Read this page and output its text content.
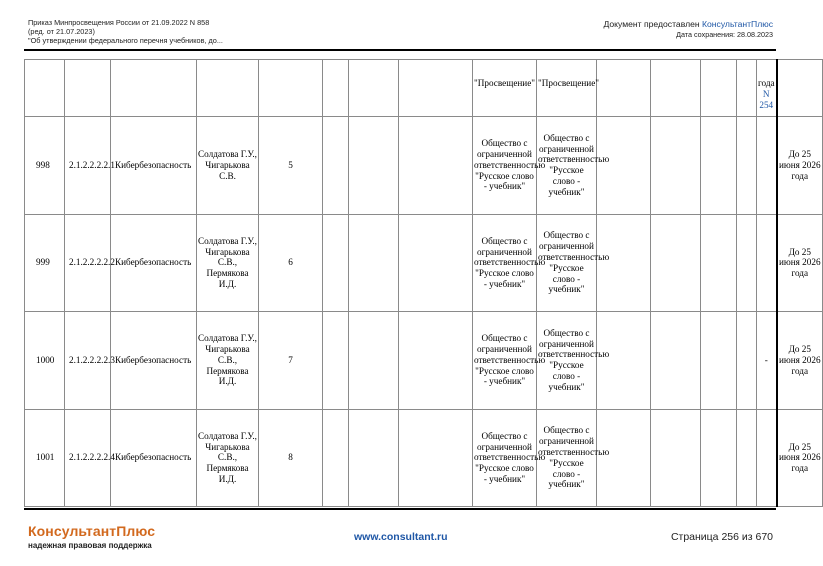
Приказ Минпросвещения России от 21.09.2022 N 858
(ред. от 21.07.2023)
"Об утверждении федерального перечня учебников, до...
Документ предоставлен КонсультантПлюс
Дата сохранения: 28.08.2023
								"Просвещение"	"Просвещение"					года
N
254	

998	2.1.2.2.2.2.1	Кибербезопасность	Солдатова Г.У., Чигарькова С.В.	5				Общество с ограниченной ответственностью "Русское слово - учебник"	Общество с ограниченной ответственностью "Русское слово - учебник"						До 25 июня 2026 года
999	2.1.2.2.2.2.2	Кибербезопасность	Солдатова Г.У., Чигарькова С.В., Пермякова И.Д.	6				Общество с ограниченной ответственностью "Русское слово - учебник"	Общество с ограниченной ответственностью "Русское слово - учебник"						До 25 июня 2026 года
1000	2.1.2.2.2.2.3	Кибербезопасность	Солдатова Г.У., Чигарькова С.В., Пермякова И.Д.	7				Общество с ограниченной ответственностью "Русское слово - учебник"	Общество с ограниченной ответственностью "Русское слово - учебник"					-	До 25 июня 2026 года
1001	2.1.2.2.2.2.4	Кибербезопасность	Солдатова Г.У., Чигарькова С.В., Пермякова И.Д.	8				Общество с ограниченной ответственностью "Русское слово - учебник"	Общество с ограниченной ответственностью "Русское слово - учебник"						До 25 июня 2026 года
КонсультантПлюс
надежная правовая поддержка
www.consultant.ru	Страница 256 из 670
